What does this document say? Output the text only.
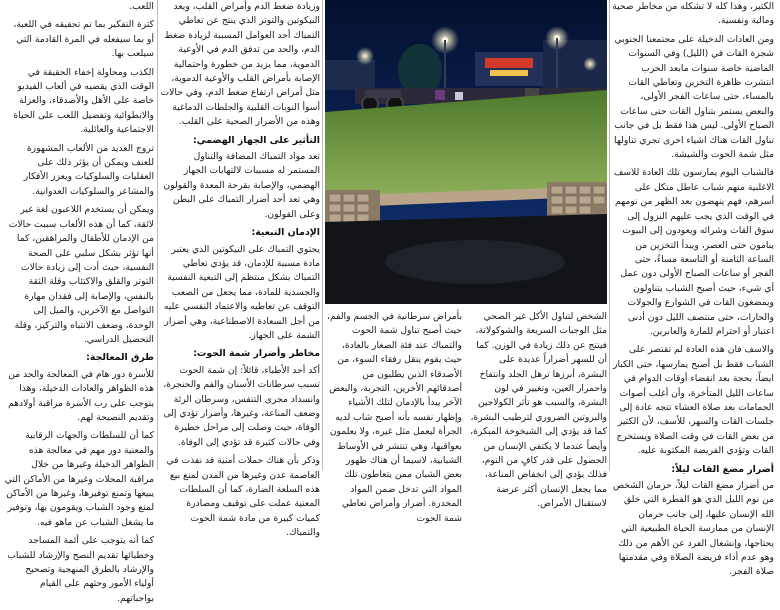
الكثير، وهذا كله لا تشكله من مخاطر صحية ومالية ونفسية.

ومن العادات الدخيلة على مجتمعنا الجنوبي شجرة القات في (الليل) وفي السنوات الماضية خاصة سنوات مابعد الحرب انتشرت ظاهرة التخزين وتعاطي القات بالمساء، حتى ساعات الفجر الأولى، والبعض يستمر بتناول القات حتى ساعات الصباح الأولى. ليس هذا فقط بل في جانب تناول القات هناك اشياء اخرى تجري تناولها مثل شمة الحوت والشيشة.

فالشباب اليوم يمارسون تلك العادة للاسف الاغلبية منهم شباب عاطل متكل على أسرهم، فهم ينهضون بعد الظهر من نومهم في الوقت الذي يجب عليهم النزول إلى سوق القات وشرائه ويعودون إلى البيوت ينامون حتى العصر، ويبدأ التخزين من الساعة الثامنة أو التاسعة مساءً، حتى الفجر أو ساعات الصباح الأولى دون عمل أي شيء، حيث أصبح الشباب يتناولون ويمضغون القات في الشوارع والجولات والحارات، حتى منتصف الليل دون أدنى اعتبار أو احترام للمارة والعابرين.

والاسف فان هذه العادة لم تقتصر على الشباب فقط بل أصبح يمارسها، حتى الكبار ايضاً، بحجة بعد انقضاء أوقات الدوام في ساعات الليل المتأخرة، وأن أغلب أصوات الحمامات بعد صلاة العشاء تتجه عادة إلى جلسات القات والسهر، للأسف، لأن الكثير من بعض القات في وقت الصلاة ويستخرج القات وتؤدي الفريضة المكتوبة عليه.

أضرار مضغ القات ليلاً:

من أضرار مضغ القات ليلاً، حرمان الشخص من نوم الليل الذي هو الفطرة التي خلق الله الإنسان عليها، إلى جانب حرمان الإنسان من ممارسة الحياة الطبيعية التي يحتاجها، وإنشغال الفرد عن الأهم من ذلك وهو عدم أداء فريضة الصلاة وفي مقدمتها صلاة الفجر.

الشخص لتناول الأكل غير الصحي مثل الوجبات السريعة والشوكولاتة، فينتج عن ذلك زيادة في الوزن. كما أن للسهر أضراراً عديدة على البشرة، أبرزها ترهل الجلد وانتفاخ واحمرار العين، وتغيير في لون البشرة، والسبب هو تأثر الكولاجين والبروتين الضروري لترطيب البشرة، كما قد يؤدي إلى الشيخوخة المبكرة، وأيضاً عندما لا يكتفي الإنسان من الحصول على قدر كافٍ من النوم، فذلك يؤدي إلى انخفاض المناعة، مما يجعل الإنسان أكثر عرضة لاستقبال الأمراض.
بأمراض سرطانية في الجسم والفم، حيث أصبح تناول شمة الحوت والتمباك عند فئة الصغار بالعادة، حيث يقوم ينقل رفقاء السوء، من الأصدقاء الذين يطلبون من أصدقائهم الأخرين، التجربة، والبعض الآخر يبدأ بالإدمان لتلك الأشياء وإظهار نفسه بأنه أصبح شاب لديه الجرأة ليعمل مثل غيره، ولا يعلمون بعواقبها، وهي تنتشر في الأوساط الشبابية، لاسيما أن هناك ظهور بعض الشبان ممن يتعاطون تلك المواد التي تدخل ضمن المواد المخدرة. أضرار وأمراض تعاطي شمة الحوت

وزيادة ضغط الدم وأمراض القلب، ويعد النيكوتين والتوتر الذي ينتج عن تعاطي التمباك أحد العوامل المسببة لزيادة ضغط الدم، والحد من تدفق الدم في الأوعية الدموية، مما يزيد من خطورة واحتمالية الإصابة بأمراض القلب والأوعية الدموية، مثل أمراض ارتفاع ضغط الدم، وفي حالات أسوأ النوبات القلبية والجلطات الدماغية وهذه من الأضرار الصحية على القلب.

التأثير على الجهاز الهضمي:

تعد مواد التمباك المضافة والتناول المستمر له مسببات لالتهابات الجهاز الهضمي، والإصابة بقرحة المعدة والقولون وهي تعد أحد أضرار التمباك على البطن وعلى القولون.

الإدمان التبعية:

يحتوي التمباك على النيكوتين الذي يعتبر مادة مسببة للإدمان، قد يؤدي تعاطي التمباك بشكل منتظم إلى التبعية النفسية والجسدية للمادة، مما يجعل من الصعب التوقف عن تعاطيه والاعتماد النفسي عليه من أجل السعادة الاصطناعية، وهي أضرار الشمة على الجهاز.

مخاطر وأضرار شمة الحوت:

أكد أحد الأطباء، قائلاً: إن شمة الحوت تسبب سرطانات الأسنان والفم والحنجرة، وانسداد مجرى التنفس، وسرطان الرئة وضعف المناعة، وغيرها، وأضرار تؤدي إلى الوفاة، حيث وصلت إلى مراحل خطيرة وفي حالات كثيرة قد تؤدي إلى الوفاة.

وذكر بأن هناك حملات أمنية قد نفذت في العاصمة عدن وغيرها من المدن لمنع بيع هذه السلعة الضارة، كما أن السلطات المعنية عملت على توقيف ومصادرة كميات كبيرة من مادة شمة الحوت والتمباك.

اللعب.

كثرة التفكير بما تم تحقيقه في اللعبة، أو بما سيفعله في المرة القادمة التي سيلعب بها.

الكذب ومحاولة إخفاء الحقيقة في الوقت الذي يقضيه في ألعاب الفيديو خاصة على الأهل والأصدقاء، والعزلة والانطوائية وتفضيل اللعب على الحياة الاجتماعية والعائلية.

تروج العديد من الألعاب المشهورة للعنف ويمكن أن يؤثر ذلك على العقليات والسلوكيات ويعزز الأفكار والمشاعر والسلوكيات العدوانية.

ويمكن أن يستخدم اللاعبون لغة غير لائقة، كما أن هذه الألعاب سببت حالات من الإدمان للأطفال والمراهقين، كما أنها تؤثر بشكل سلبي على الصحة النفسية، حيث أدت إلى زيادة حالات التوتر والقلق والاكتئاب وقلة الثقة بالنفس، والإصابة إلى فقدان مهارة التواصل مع الآخرين، والميل إلى الوحدة، وضعف الانتباه والتركيز، وقلة التحصيل الدراسي.

طرق المعالجة:

للأسرة دور هام في المعالجة والحد من هذه الظواهر والعادات الدخيلة، وهذا يتوجب على رب الأسرة مراقبة أولادهم وتقديم النصيحة لهم.

كما أن للسلطات والجهات الرقابية والمعنية دور مهم في معالجة هذه الظواهر الدخيلة وغيرها من خلال مراقبة المحلات وغيرها من الأماكن التي يبيعها وتمنع توفيرها، وغيرها من الأماكن لمنع وجود الشباب ويقومون بها، وتوفير ما يشغل الشباب عن ماهو فيه.

كما أنه يتوجب على أئمة المساجد وخطبائها تقديم النصح والإرشاد للشباب والإرشاد بالطرق المنهجية وتصحيح أولياء الأمور وحثهم على القيام بواجباتهم.
